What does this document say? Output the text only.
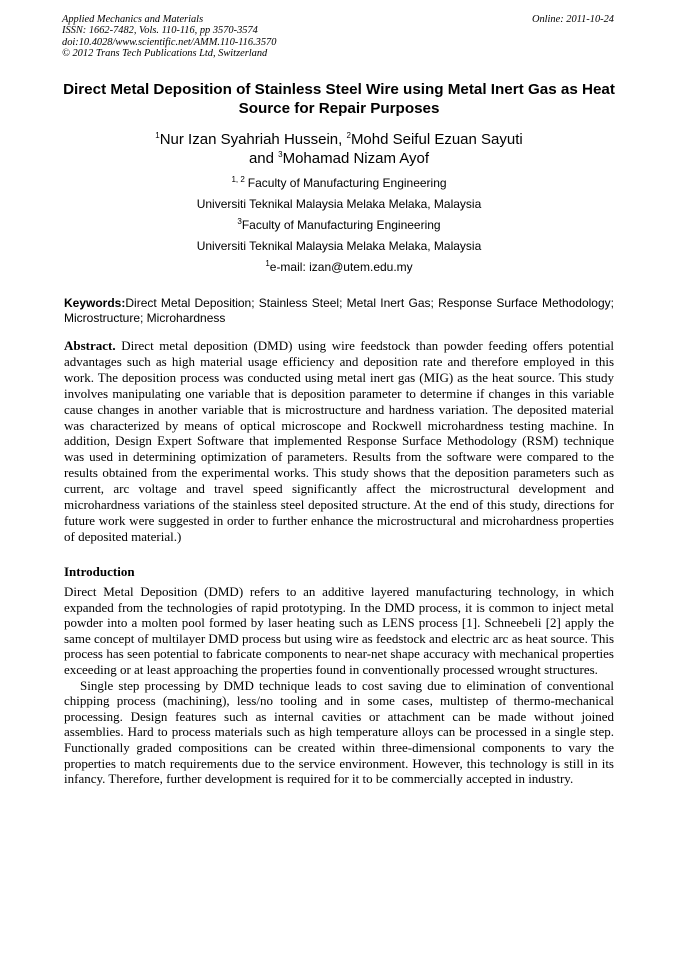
Applied Mechanics and Materials	Online: 2011-10-24
ISSN: 1662-7482, Vols. 110-116, pp 3570-3574
doi:10.4028/www.scientific.net/AMM.110-116.3570
© 2012 Trans Tech Publications Ltd, Switzerland
Direct Metal Deposition of Stainless Steel Wire using Metal Inert Gas as Heat Source for Repair Purposes
$^1$Nur Izan Syahriah Hussein, $^2$Mohd Seiful Ezuan Sayuti
and $^3$Mohamad Nizam Ayof
$^{1, 2}$ Faculty of Manufacturing Engineering
Universiti Teknikal Malaysia Melaka Melaka, Malaysia
$^3$Faculty of Manufacturing Engineering
Universiti Teknikal Malaysia Melaka Melaka, Malaysia
$^1$e-mail: izan@utem.edu.my
Keywords:Direct Metal Deposition; Stainless Steel; Metal Inert Gas; Response Surface Methodology; Microstructure; Microhardness
Abstract. Direct metal deposition (DMD) using wire feedstock than powder feeding offers potential advantages such as high material usage efficiency and deposition rate and therefore employed in this work. The deposition process was conducted using metal inert gas (MIG) as the heat source. This study involves manipulating one variable that is deposition parameter to determine if changes in this variable cause changes in another variable that is microstructure and hardness variation. The deposited material was characterized by means of optical microscope and Rockwell microhardness testing machine. In addition, Design Expert Software that implemented Response Surface Methodology (RSM) technique was used in determining optimization of parameters. Results from the software were compared to the results obtained from the experimental works. This study shows that the deposition parameters such as current, arc voltage and travel speed significantly affect the microstructural development and microhardness variations of the stainless steel deposited structure. At the end of this study, directions for future work were suggested in order to further enhance the microstructural and microhardness properties of deposited material.)
Introduction

Direct Metal Deposition (DMD) refers to an additive layered manufacturing technology, in which expanded from the technologies of rapid prototyping. In the DMD process, it is common to inject metal powder into a molten pool formed by laser heating such as LENS process [1]. Schneebeli [2] apply the same concept of multilayer DMD process but using wire as feedstock and electric arc as heat source. This process has seen potential to fabricate components to near-net shape accuracy with mechanical properties exceeding or at least approaching the properties found in conventionally processed wrought structures.

Single step processing by DMD technique leads to cost saving due to elimination of conventional chipping process (machining), less/no tooling and in some cases, multistep of thermo-mechanical processing. Design features such as internal cavities or attachment can be made without joined assemblies. Hard to process materials such as high temperature alloys can be processed in a single step. Functionally graded compositions can be created within three-dimensional components to vary the properties to match requirements due to the service environment. However, this technology is still in its infancy. Therefore, further development is required for it to be commercially accepted in industry.
